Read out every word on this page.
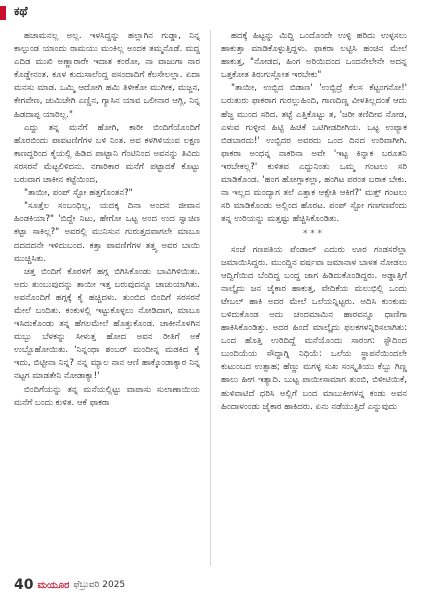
ಕಥೆ

ಹಜಾಮನಲ್ಲ ಅಲ್ಲ. ಇಳಸಿದ್ದನ್ನು ಹಲ್ಲಾಗಿನ ಗುಡ್ಡಾ, ನಿನ್ನ ಕಾಲ್ಫುಂಡ ಯಾಂದು ರಾಮಯು ಮಂಕಿಲ್ಲ ಅಂದಕ ತಮ್ಮನೊಡೆ. ಮದ್ದ ಎದಿಡ ಮುಖಿ ಅಣ್ಣಾರಾರೇ ಇದಾತ ಕಂಠೋ, ನಾ ವಾಜುಗಾ ನಾರ ಕೊಡ್ಡೇನಂತ. ಕೂಳ ಕುದುಸಾಲೆಂದ್ದ ಪಸಂದಾದಿಗೆ ಕೆಲಸೇಲಲ್ಲಾ. ಏದಾ ಮನಸು ಮಾಡ. ಒಮ್ಮಿ ಆದೋಗಿ ಹಮಿ ತಿಳೀಕೋ ಮುಗೀಕ, ಮಜ್ಜನ, ಕೇಗವೇಣ, ಚುಮಿಚೇಗಿ ಎಣ್ಣಿನ, ಗ್ಯಾಸಿನ ಯಾವ ಒಲೀನಾರ ಆಗ್ಲಿ, ನಿನ್ನ ಹಿಡದಾಪ್ಪ ಯಾರಿಲ್ಲ."

ಎದ್ದು ತನ್ನ ಮನೆಗೆ ಹೋಗಿ, ಕಾರೀ ಬಿಂದಿಗೆಯೊಂದಿಗೆ ಹೊರಬಿಂದು ಪಾವಟಣಿಗೆಗಳ ಬಳಿ ನಿಂತ. ಅವ ಕಳಗಿಳಿಯುವ ಲಕ್ಷಣ ಕಾಣದ್ದರಿಂದ ಕೈಯಲ್ಲಿ ಹಿಡಿದ ಪಾಟ್ಟಾನಿ ಗೆಂಟಿನಿಂದ ಅವನನ್ನು ತಿವಿದು ಸರಸರನೆ ಮೆಟ್ಟಲಿಳಿದನು. ನಗಾರಿಕಾರ ಮನೆಗೆ ಪಟ್ಟಾದಕೆ ಕೊಟ್ಟು ಬರುವಾಗ ಚಾಕೀನ ಕಟ್ಟೆಯಿಂದ,

"ತಾಯೀ, ಪಂಪ್ ಸ್ಟೋ ಹತ್ತಗೊಂತನ?"

"ಸೂತ್ತೆಲ ಸಂಬಂಧಿಲ್ಲ, ಯದಕ್ಕ ದಿನಾ ಅಂದನ ಜೀವಾನ ಹಿಂಡಕಿಯಾ?" 'ಬಿದ್ದೇ ನಿಟು, ಹೇಗೋ ಒಟ್ಟ ಅಂದ ಉದ ಸ್ವಾಚಿಣ ಕಟ್ಟಾ ಸಾಕಿಲ್ಲ?" ಅವರಲ್ಲಿ ಮುನಿಸುನ ಗುರುತ್ತದವಾಗಲೇ ಮಾಬೂ ದದದದನೇ ಇಳಿದುಬಂದ. ಕತ್ತಾ ಪಾವಣಿಗೆಗಳ ತತ್ತ್ವ ಅವರ ಬಾಯಿ ಮುಚ್ಚಿಸಿತು.

ಚತ್ತ ಬಿಂದಿಗೆ ಕೊರಳಿಗೆ ಹಗ್ಗ ಬಿಗಿಸಿಕೊಂಡು ಬಾವಿಗಿಳಿಯಿತು. ಅದು ತುಂಬುವುದನ್ನು ತಾಯೀ ಇತ್ತ ಬರುವುದನ್ನೂ ಚಾಚುಯಾಗಿತು. ಅವನೊಂದಿಗೆ ಹಗ್ಗಕ್ಕೆ ಕೈ ಹಚ್ಚಿದಳು. ತುಂಬಿದ ಬಿಂದಿಗೆ ಸರಸರನೆ ಮೇಲೆ ಬಂದಿತು. ಕಂಕುಳಲ್ಲಿ ಇಟ್ಟುಕೊಳ್ಳಲು ನೋಡಿದಾಗ, ಮಾಬೂ ಇಸಿದುಕೊಂಡು ತನ್ನ ಹೆಗಲಮೇಲೆ ಹೊತ್ತುಕೊಂಡ. ಚಾಕೀನೊಳಗಿನ ಮಬ್ಬು ಬೆಳಕನ್ನು ಸೀಳುತ್ತ ಹೋದ ಅವನ ರೀತಿಗೆ ಅಕೆ ಉಬ್ಬೊಹೋಯಿತು. 'ನಿನ್ನಂಥಾ ಶಂಬರ್ ಮಂದೀನ್ನ ಮಡಕಿದ ಕೈ ಇದು, ಬಿಟ್ಟೀನಾ ನಿನ್ನ? ನನ್ನ ಮ್ಯಾಲ ನಾನ ಆಣಿ ಹಾಕ್ಕೊಂಡಾಕ್ಯಾರ ನಿನ್ನ ನಟ್ಟಗ ಮಾಡತೇನಿ ನೋಡಾಕ್ಯಾ!'

ಬಿಂದಿಗೆಯನ್ನು ತನ್ನ ಮನೆಯಲ್ಲಿಟ್ಟು ವಾಪಾಸು ಸುಲಾಣಾಯಿಯ ಮನೆಗೆ ಬಂದು ಕುಳಿತ. ಆಕೆ ಫಾಕರಾ

ಹದಕ್ಕೆ ಹಿಟ್ಟನ್ನು ಮಿದ್ದಿ ಒಂದೊಂದೇ ಉಳ್ಳಿ ಹರಿದು ಉಳ್ಳಸಲು ಹಾಕುತ್ತಾ ಮಾಡಿಕೊಳ್ಳುತ್ತಿದ್ದಳು. ಫಾಕರಾ ಲಟ್ಟಿಸಿ ಹಂಚಿನ ಮೇಲೆ ಹಾಕುತ್ತ, "ನೋಡದ, ಹಿಂಗ ಅರಿಯಿದಂದ ಒಂದನೇಲೇನೇ ಅದನ್ನ ಒತ್ತಕೋತ ತಿರುಗುಸ್ಲೋತ ಇರಬೇಕು"

"ತಾಯೀ, ಉಬ್ಬಿದ ಬಿಡಾಣ' 'ಉಬ್ಬಿದ್ರೆ ಕೆಲಸ ಕೆಟ್ಟಂಗನೋ!' ಬರುತುರು ಫಾಕರಾಗ ಗುರಲ್ಲುಹಿಂದಿ, ಗಾಣದಿಣ್ಣ ವೀಳತಿಲ್ಲದಂತೆ ಆದು ಹೆಜ್ಜ ಮುಂದ ಸರಿದ. ತಟ್ಟೆ ಎತ್ತಿಕೊಟ್ಟು ತ, 'ಜರೀ ತಣಿದೀವ ನೋಡ, ಎಳುವ ಗುಳ್ಳೀನ ಹಿಟ್ಟಿ ಹಿಚಿಕೆ ಒಟಿಗೀಡದೀಗಿಯ. ಒಟ್ಟ ಉಪ್ಯಾಕ ಬಿಡಬಾರದು!' ಉಬ್ಬಿದರ ಅವರದು ಒಂದ ದಿನದ ಉರಿವಾಗೀಗಿ. ಫಾಕರಾ ಅಂಧನ್ನ ನಾಕರಿನಾ ಅವೇ 'ಇಟ್ಟ ಕಿನ್ನಾಕ ಬರೂತನಿ ಇರಬೇಕಲ್ಲ?' ಕುಳಿತವ ಎದ್ದುನಿಂತು ಒಮ್ಮ ಗಂಟಲು ಸರಿ ಮಾಡಿಕೊಂಡ. 'ಹಂಗ ಹೋಗ್ಲಾಕಲ್ಲಾ, ಹಂಗಿಟ ಪರಂತ ಬರಾಕ ಬೇಕು. ನಾ ಇಲ್ಲದ ಮಂದ್ಯಾಗ ತಲೆ ಎತ್ತಾಕ ಆಕ್ಸೇತಿ ಆಕಿಗೆ?' ಮತ್ತ್ ಗಂಟಲು ಸರಿ ಮಾಡಿಕೊಂಡು ಅಲ್ಲಿಂದ ಹೊರಟ. ಪಂಪ್ ಸ್ಟೋ ಗಣಗಣವೆಂದು ತನ್ನ ಉರಿಯನ್ನು ಮತ್ತಷ್ಟು ಹೆಚ್ಚಿಸಿಕೊಂಡಿತು.

***

ಸಂಜೆ ಗಣಪತಿಯ ಪೆಂಡಾಲ್ ಎದುರು ಊರ ಗಂಡಸರೆಲ್ಲಾ ಜಮಾಯಿಸಿದ್ದರು. ಮುಂದ್ದಿನ ವರ್ಷವಾ ಜಮಾನಾಳ ಬಾಳತ ನೋಡಲು ಆದ್ವಿಗೆಯಿದ ಬೆಂದಿದ್ದ ಬಂದ್ದ ಜಾಗ ಹಿಡಿದುಕೊಂಡಿದ್ದರು. ಅಡ್ಡಾತ್ತಿಗೆ ನಾಲ್ಕೈದು ಜನ ಜೈಕಾರ ಹಾಕುತ್ತ, ವೇದಿಕೆಯ ಮಲುಭಿಲ್ಲಿ ಒಂದು ಟೇಬಲ್ ಹಾಕಿ ಅದರ ಮೇಲೆ ಒಲೆಯನ್ನಿಟ್ಟರು. ಅದಿಸಿ ಕುಂಕುಮ ಬಳಿದುಕೊಂಡ ಅದು ಚಂದಮಾಮಿನ ಹಾರವನ್ನೂ ಧಾಣಿಗಾ ಹಾಕಿಸಿಕೊಂಡಿತ್ತು. ಅದರ ಹಿಂದೆ ಮಾಲ್ಕೈದು ಫಲಕಗಳನ್ನಿರಿಸಲಾಗಿತು: ಒಂದ ಹೊತ್ತಿ ಉರಿದಿದ್ದೆ ಮನೆಯೊಂದು ಸಾರಂಗ: ಸ್ಟೌದಿಂದ ಬುಂದಿಯೆಯ ಸೌದ್ದಾಗ್ನಿ ನಿಧಿಯೆ: ಒಲೆಯ ಸ್ಥಾಪನೆಯಿಂದಲೇ ಕುಟುಂಬದ ಉತ್ಸಾಹ; ಹೆಣ್ಣು ಮಗಳ್ಳ ಸುಖ ಸಂಸ್ಕೃತಿಯು ಕೆಬ್ಬು ಗಿಣ್ಣ ಹಾಲು ಹೀಗ ಇತ್ಯಾದಿ. ಬುಟ್ಟ ಪಾಯೀಸಾಮಾಗ ತುಂಬಿ, ಬಿಳೀಟಿಯಿಕೆ, ಹುಳಿವಾಟಿದೆ ಧರಿಸಿ ಅಲ್ಲಿಗೆ ಬಂದ ಮಾಬುಕೀಗಳನ್ನ ಕಂಡು ಅವನ ಹಿಂದಾಳಂಂಡು ಜೈಕಾರ ಹಾಕಿದರು. ಏನು ನಡೆಯುತ್ತಿದೆ ಎನ್ನುವುದು

40 ಮಯೂರ ಫೆಬ್ರುವರಿ 2025
